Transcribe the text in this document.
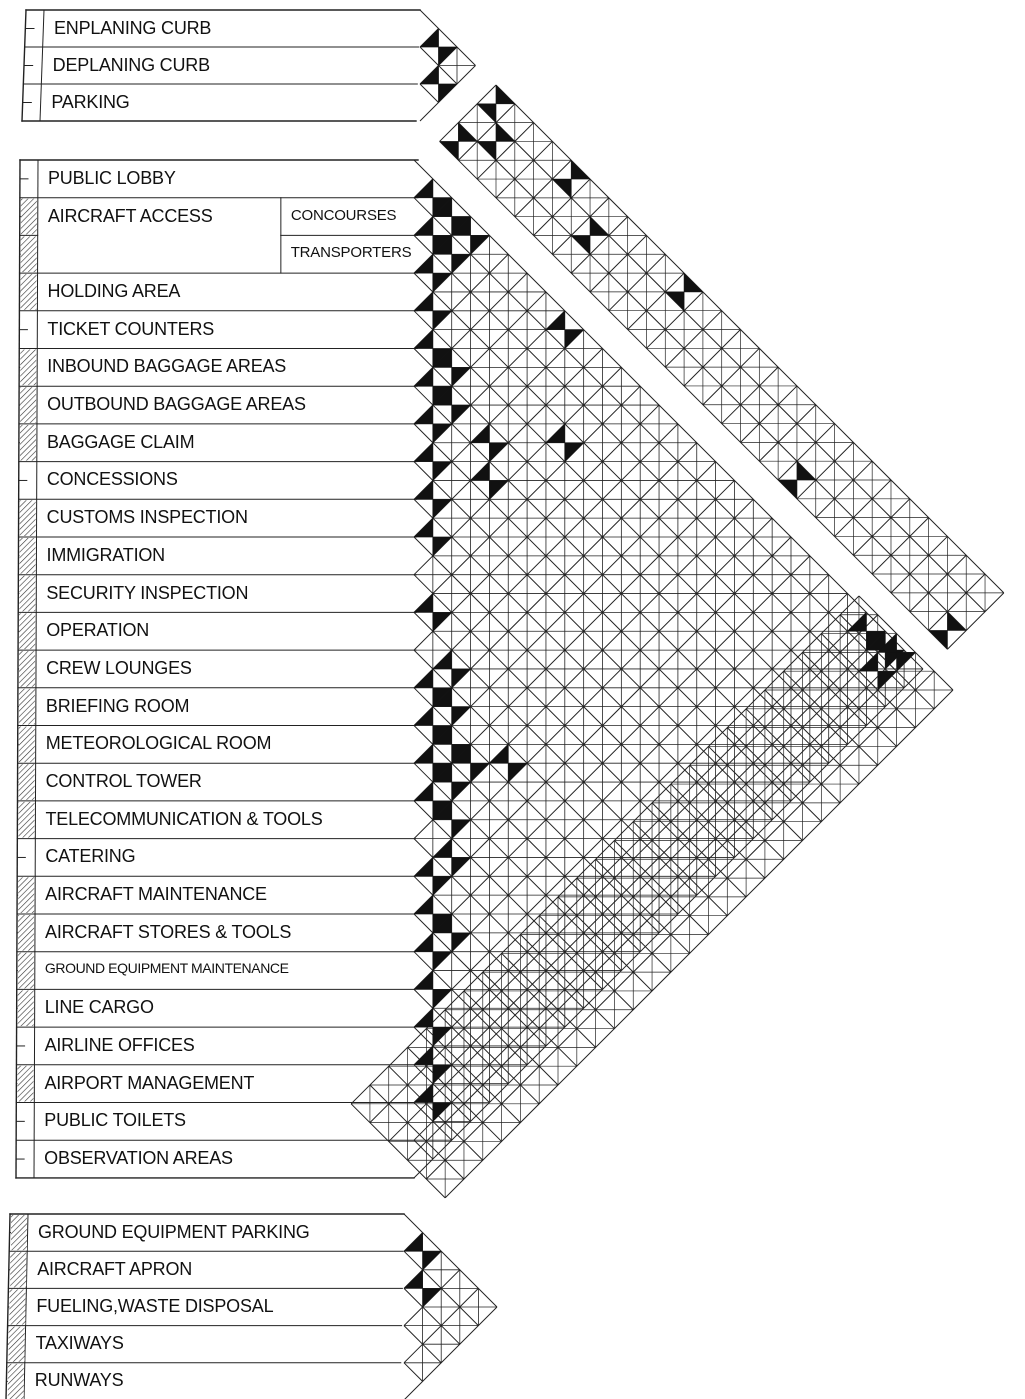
ENPLANING CURB
DEPLANING CURB
PARKING
PUBLIC LOBBY
AIRCRAFT ACCESS	CONCOURSES
TRANSPORTERS
HOLDING AREA
TICKET COUNTERS
INBOUND BAGGAGE AREAS
OUTBOUND BAGGAGE AREAS
BAGGAGE CLAIM
CONCESSIONS
CUSTOMS INSPECTION
IMMIGRATION
SECURITY INSPECTION
OPERATION
CREW LOUNGES
BRIEFING ROOM
METEOROLOGICAL ROOM
CONTROL TOWER
TELECOMMUNICATION & TOOLS
CATERING
AIRCRAFT MAINTENANCE
AIRCRAFT STORES & TOOLS
GROUND EQUIPMENT MAINTENANCE
LINE CARGO
AIRLINE OFFICES
AIRPORT MANAGEMENT
PUBLIC TOILETS
OBSERVATION AREAS
GROUND EQUIPMENT PARKING
AIRCRAFT APRON
FUELING,WASTE DISPOSAL
TAXIWAYS
RUNWAYS
